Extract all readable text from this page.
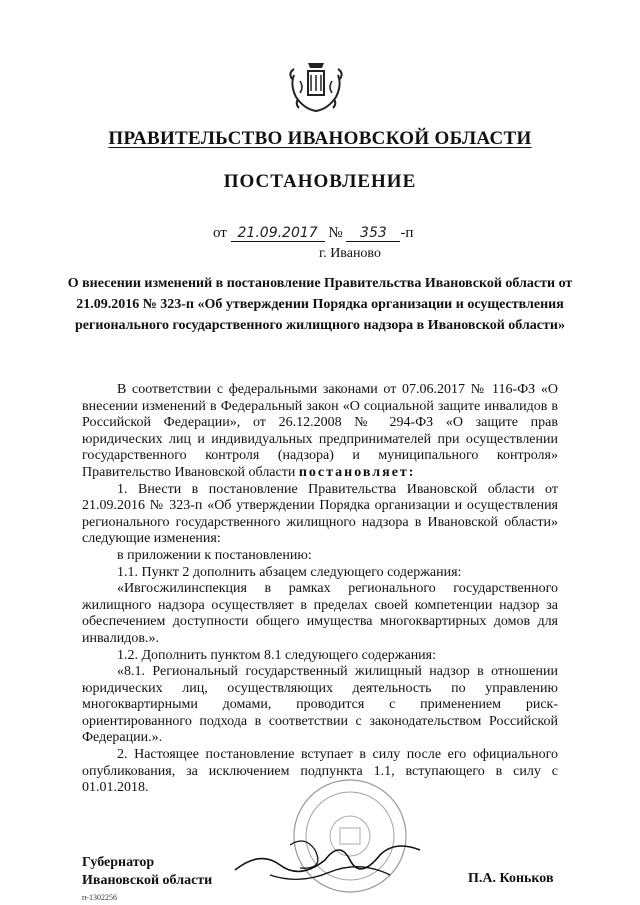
ПРАВИТЕЛЬСТВО ИВАНОВСКОЙ ОБЛАСТИ
ПОСТАНОВЛЕНИЕ
от 21.09.2017 № 353 -п
г. Иваново
О внесении изменений в постановление Правительства Ивановской области от 21.09.2016 № 323-п «Об утверждении Порядка организации и осуществления регионального государственного жилищного надзора в Ивановской области»

В соответствии с федеральными законами от 07.06.2017 № 116-ФЗ «О внесении изменений в Федеральный закон «О социальной защите инвалидов в Российской Федерации», от 26.12.2008 № 294-ФЗ «О защите прав юридических лиц и индивидуальных предпринимателей при осуществлении государственного контроля (надзора) и муниципального контроля» Правительство Ивановской области постановляет:

1. Внести в постановление Правительства Ивановской области от 21.09.2016 № 323-п «Об утверждении Порядка организации и осуществления регионального государственного жилищного надзора в Ивановской области» следующие изменения:

в приложении к постановлению:

1.1. Пункт 2 дополнить абзацем следующего содержания:

«Ивгосжилинспекция в рамках регионального государственного жилищного надзора осуществляет в пределах своей компетенции надзор за обеспечением доступности общего имущества многоквартирных домов для инвалидов.».

1.2. Дополнить пунктом 8.1 следующего содержания:

«8.1. Региональный государственный жилищный надзор в отношении юридических лиц, осуществляющих деятельность по управлению многоквартирными домами, проводится с применением риск-ориентированного подхода в соответствии с законодательством Российской Федерации.».

2. Настоящее постановление вступает в силу после его официального опубликования, за исключением подпункта 1.1, вступающего в силу с 01.01.2018.

Губернатор
Ивановской области	П.А. Коньков
п-1302256
